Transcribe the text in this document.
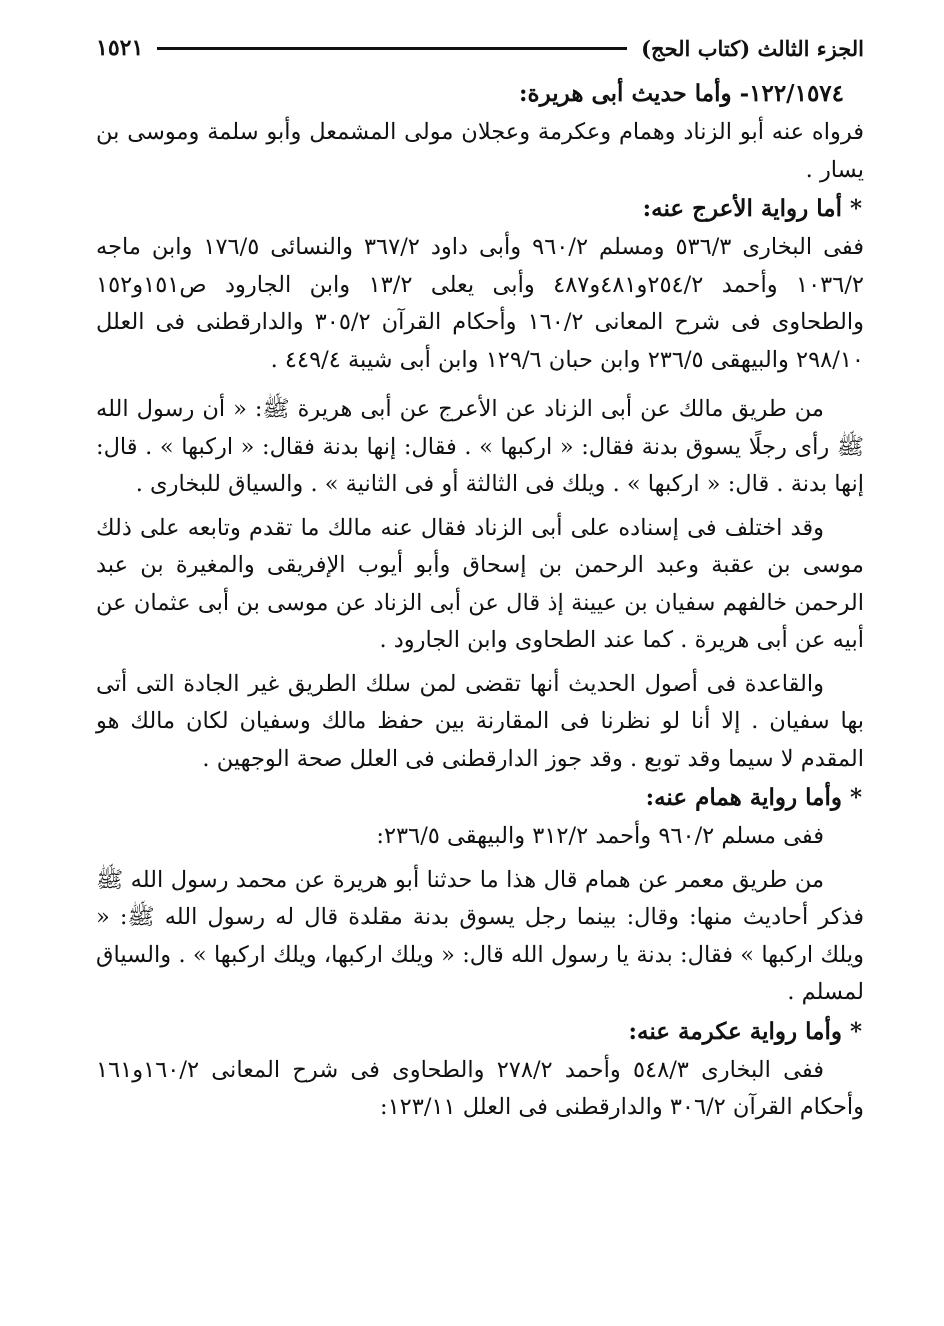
الجزء الثالث (كتاب الحج)
١٥٢١

١٢٢/١٥٧٤- وأما حديث أبى هريرة:

فرواه عنه أبو الزناد وهمام وعكرمة وعجلان مولى المشمعل وأبو سلمة وموسى بن يسار .

* أما رواية الأعرج عنه:

ففى البخارى ٥٣٦/٣ ومسلم ٩٦٠/٢ وأبى داود ٣٦٧/٢ والنسائى ١٧٦/٥ وابن ماجه ١٠٣٦/٢ وأحمد ٢٥٤/٢و٤٨١و٤٨٧ وأبى يعلى ١٣/٢ وابن الجارود ص١٥١و١٥٢ والطحاوى فى شرح المعانى ١٦٠/٢ وأحكام القرآن ٣٠٥/٢ والدارقطنى فى العلل ٢٩٨/١٠ والبيهقى ٢٣٦/٥ وابن حبان ١٢٩/٦ وابن أبى شيبة ٤٤٩/٤ .

من طريق مالك عن أبى الزناد عن الأعرج عن أبى هريرة ﷺ: « أن رسول الله ﷺ رأى رجلًا يسوق بدنة فقال: « اركبها » . فقال: إنها بدنة فقال: « اركبها » . قال: إنها بدنة . قال: « اركبها » . ويلك فى الثالثة أو فى الثانية » . والسياق للبخارى .

وقد اختلف فى إسناده على أبى الزناد فقال عنه مالك ما تقدم وتابعه على ذلك موسى بن عقبة وعبد الرحمن بن إسحاق وأبو أيوب الإفريقى والمغيرة بن عبد الرحمن خالفهم سفيان بن عيينة إذ قال عن أبى الزناد عن موسى بن أبى عثمان عن أبيه عن أبى هريرة . كما عند الطحاوى وابن الجارود .

والقاعدة فى أصول الحديث أنها تقضى لمن سلك الطريق غير الجادة التى أتى بها سفيان . إلا أنا لو نظرنا فى المقارنة بين حفظ مالك وسفيان لكان مالك هو المقدم لا سيما وقد توبع . وقد جوز الدارقطنى فى العلل صحة الوجهين .

* وأما رواية همام عنه:

ففى مسلم ٩٦٠/٢ وأحمد ٣١٢/٢ والبيهقى ٢٣٦/٥:

من طريق معمر عن همام قال هذا ما حدثنا أبو هريرة عن محمد رسول الله ﷺ فذكر أحاديث منها: وقال: بينما رجل يسوق بدنة مقلدة قال له رسول الله ﷺ: « ويلك اركبها » فقال: بدنة يا رسول الله قال: « ويلك اركبها، ويلك اركبها » . والسياق لمسلم .

* وأما رواية عكرمة عنه:

ففى البخارى ٥٤٨/٣ وأحمد ٢٧٨/٢ والطحاوى فى شرح المعانى ١٦٠/٢و١٦١ وأحكام القرآن ٣٠٦/٢ والدارقطنى فى العلل ١٢٣/١١:
